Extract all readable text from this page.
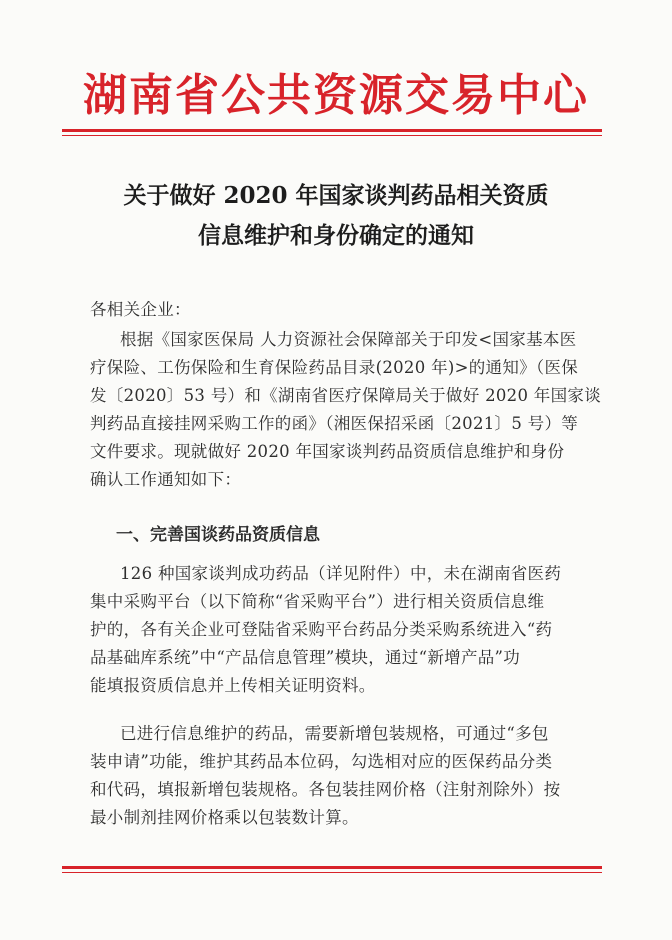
湖南省公共资源交易中心
关于做好 2020 年国家谈判药品相关资质
信息维护和身份确定的通知
各相关企业：
根据《国家医保局 人力资源社会保障部关于印发<国家基本医
疗保险、工伤保险和生育保险药品目录(2020 年)>的通知》（医保
发〔2020〕53 号）和《湖南省医疗保障局关于做好 2020 年国家谈
判药品直接挂网采购工作的函》（湘医保招采函〔2021〕5 号）等
文件要求。现就做好 2020 年国家谈判药品资质信息维护和身份
确认工作通知如下：
一、完善国谈药品资质信息
126 种国家谈判成功药品（详见附件）中，未在湖南省医药
集中采购平台（以下简称“省采购平台”）进行相关资质信息维
护的，各有关企业可登陆省采购平台药品分类采购系统进入“药
品基础库系统”中“产品信息管理”模块，通过“新增产品”功
能填报资质信息并上传相关证明资料。
已进行信息维护的药品，需要新增包装规格，可通过“多包
装申请”功能，维护其药品本位码，勾选相对应的医保药品分类
和代码，填报新增包装规格。各包装挂网价格（注射剂除外）按
最小制剂挂网价格乘以包装数计算。
